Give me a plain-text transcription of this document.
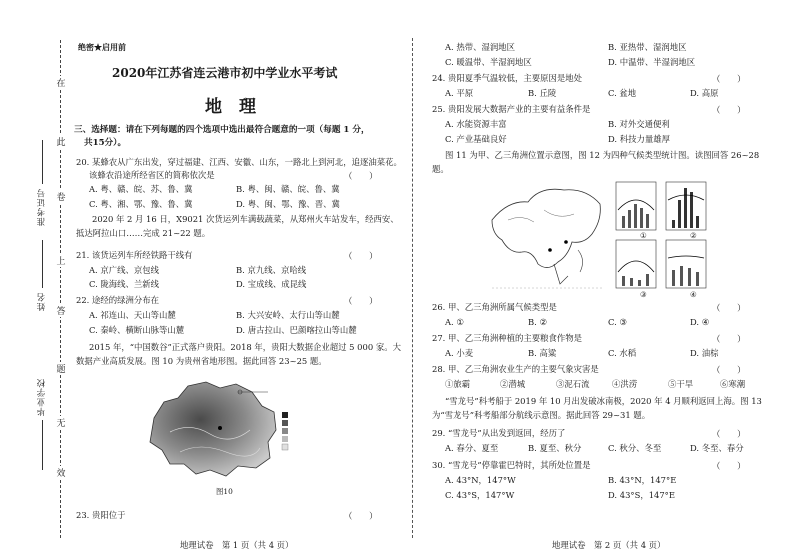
在
此
卷
上
答
题
无
效
准考证号
姓名
毕业学校
绝密★启用前
2020年江苏省连云港市初中学业水平考试
地　理
三、选择题：请在下列每题的四个选项中选出最符合题意的一项（每题 1 分，
共15分）。
20. 某蜂农从广东出发，穿过福建、江西、安徽、山东，一路北上到河北，追逐油菜花。
该蜂农沿途所经省区的简称依次是	（　　）
A. 粤、赣、皖、苏、鲁、冀	B. 粤、闽、赣、皖、鲁、冀
C. 粤、湘、鄂、豫、鲁、冀	D. 粤、闽、鄂、豫、晋、冀
2020 年 2 月 16 日，X9021 次货运列车满载蔬菜，从郑州火车站发车，经西安、
抵达阿拉山口……完成 21~22 题。
21. 该货运列车所经铁路干线有	（　　）
A. 京广线、京包线	B. 京九线、京哈线
C. 陇海线、兰新线	D. 宝成线、成昆线
22. 途经的绿洲分布在	（　　）
A. 祁连山、天山等山麓	B. 大兴安岭、太行山等山麓
C. 秦岭、横断山脉等山麓	D. 唐古拉山、巴颜喀拉山等山麓
2015 年，“中国数谷”正式落户贵阳。2018 年，贵阳大数据企业超过 5 000 家。大
数据产业高质发展。图 10 为贵州省地形图。据此回答 23~25 题。
图10
23. 贵阳位于	（　　）
地理试卷　第 1 页（共 4 页）
A. 热带、湿润地区	B. 亚热带、湿润地区
C. 暖温带、半湿润地区	D. 中温带、半湿润地区
24. 贵阳夏季气温较低，主要原因是地处	（　　）
A. 平原	B. 丘陵	C. 盆地	D. 高原
25. 贵阳发展大数据产业的主要有益条件是	（　　）
A. 水能资源丰富	B. 对外交通便利
C. 产业基础良好	D. 科技力量雄厚
图 11 为甲、乙三角洲位置示意图，图 12 为四种气候类型统计图。读图回答 26~28
题。
①	②
③	④
26. 甲、乙三角洲所属气候类型是	（　　）
A. ①	B. ②	C. ③	D. ④
27. 甲、乙三角洲种植的主要粮食作物是	（　　）
A. 小麦	B. 高粱	C. 水稻	D. 油棕
28. 甲、乙三角洲农业生产的主要气象灾害是	（　　）
①旅霸	②潜城	③泥石流	④洪涝	⑤干旱	⑥寒潮
“雪龙号”科考船于 2019 年 10 月出发破冰南极，2020 年 4 月顺利返回上海。图 13
为“雪龙号”科考船部分航线示意图。据此回答 29~31 题。
29. “雪龙号”从出发到返回，经历了	（　　）
A. 春分、夏至	B. 夏至、秋分	C. 秋分、冬至	D. 冬至、春分
30. “雪龙号”停靠霍巴特时，其所处位置是	（　　）
A. 43°N，147°W	B. 43°N，147°E
C. 43°S，147°W	D. 43°S，147°E
地理试卷　第 2 页（共 4 页）
